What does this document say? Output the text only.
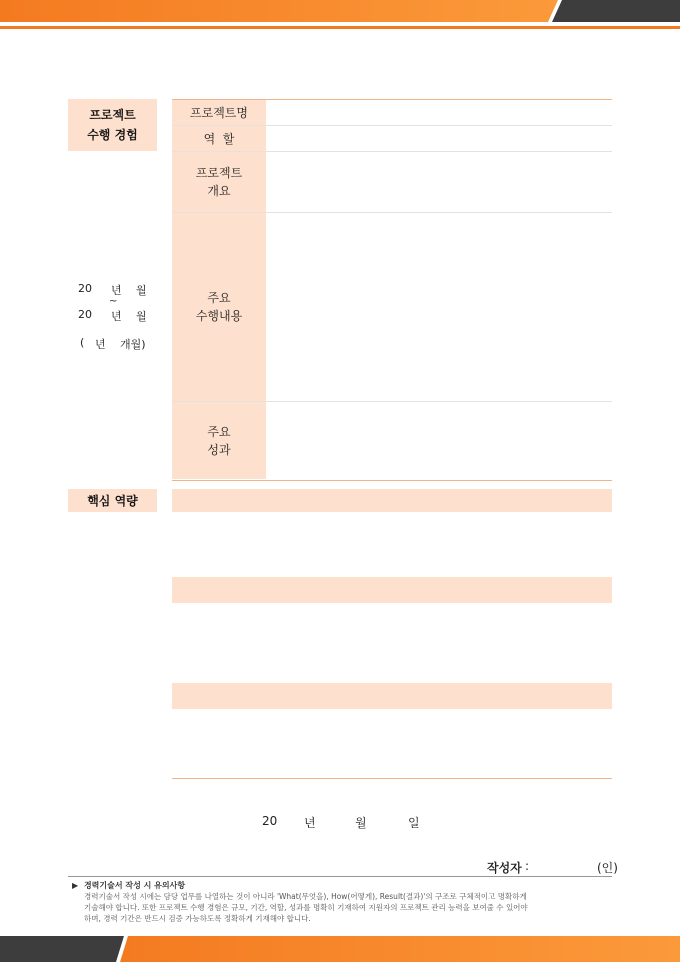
프로젝트
수행 경험
20 년 월
~
20 년 월
( 년 개월)
프로젝트명
역  할
프로젝트
개요
주요
수행내용
주요
성과
핵심 역량
20 년	월	일
작성자 :	(인)
▶ 경력기술서 작성 시 유의사항
경력기술서 작성 시에는 담당 업무를 나열하는 것이 아니라 'What(무엇을), How(어떻게), Result(결과)'의 구조로 구체적이고 명확하게
기술해야 합니다. 또한 프로젝트 수행 경험은 규모, 기간, 역할, 성과를 명확히 기재하여 지원자의 프로젝트 관리 능력을 보여줄 수 있어야
하며, 경력 기간은 반드시 검증 가능하도록 정확하게 기재해야 합니다.
